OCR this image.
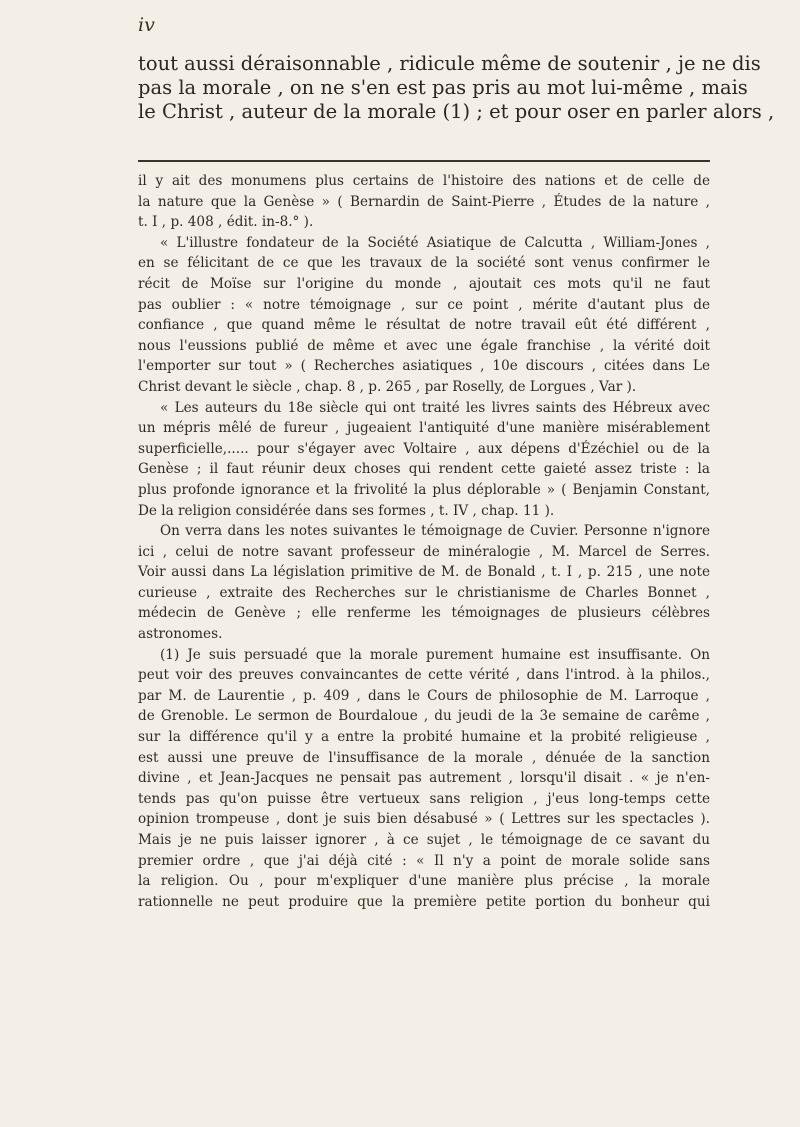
iv
tout aussi déraisonnable , ridicule même de soutenir , je ne dis
pas la morale , on ne s'en est pas pris au mot lui-même , mais
le Christ , auteur de la morale (1) ; et pour oser en parler alors ,
il y ait des monumens plus certains de l'histoire des nations et de celle de
la nature que la Genèse » ( Bernardin de Saint-Pierre , Études de la nature ,
t. I , p. 408 , édit. in-8.° ).
« L'illustre fondateur de la Société Asiatique de Calcutta , William-Jones ,
en se félicitant de ce que les travaux de la société sont venus confirmer le
récit de Moïse sur l'origine du monde , ajoutait ces mots qu'il ne faut
pas oublier : « notre témoignage , sur ce point , mérite d'autant plus de
confiance , que quand même le résultat de notre travail eût été différent ,
nous l'eussions publié de même et avec une égale franchise , la vérité doit
l'emporter sur tout » ( Recherches asiatiques , 10e discours , citées dans Le
Christ devant le siècle , chap. 8 , p. 265 , par Roselly, de Lorgues , Var ).
« Les auteurs du 18e siècle qui ont traité les livres saints des Hébreux avec
un mépris mêlé de fureur , jugeaient l'antiquité d'une manière misérablement
superficielle,..... pour s'égayer avec Voltaire , aux dépens d'Ézéchiel ou de la
Genèse ; il faut réunir deux choses qui rendent cette gaieté assez triste : la
plus profonde ignorance et la frivolité la plus déplorable » ( Benjamin Constant,
De la religion considérée dans ses formes , t. IV , chap. 11 ).
On verra dans les notes suivantes le témoignage de Cuvier. Personne n'ignore
ici , celui de notre savant professeur de minéralogie , M. Marcel de Serres.
Voir aussi dans La législation primitive de M. de Bonald , t. I , p. 215 , une note
curieuse , extraite des Recherches sur le christianisme de Charles Bonnet ,
médecin de Genève ; elle renferme les témoignages de plusieurs célèbres
astronomes.
(1) Je suis persuadé que la morale purement humaine est insuffisante. On
peut voir des preuves convaincantes de cette vérité , dans l'introd. à la philos.,
par M. de Laurentie , p. 409 , dans le Cours de philosophie de M. Larroque ,
de Grenoble. Le sermon de Bourdaloue , du jeudi de la 3e semaine de carême ,
sur la différence qu'il y a entre la probité humaine et la probité religieuse ,
est aussi une preuve de l'insuffisance de la morale , dénuée de la sanction
divine , et Jean-Jacques ne pensait pas autrement , lorsqu'il disait . « je n'en-
tends pas qu'on puisse être vertueux sans religion , j'eus long-temps cette
opinion trompeuse , dont je suis bien désabusé » ( Lettres sur les spectacles ).
Mais je ne puis laisser ignorer , à ce sujet , le témoignage de ce savant du
premier ordre , que j'ai déjà cité : « Il n'y a point de morale solide sans
la religion. Ou , pour m'expliquer d'une manière plus précise , la morale
rationnelle ne peut produire que la première petite portion du bonheur qui
